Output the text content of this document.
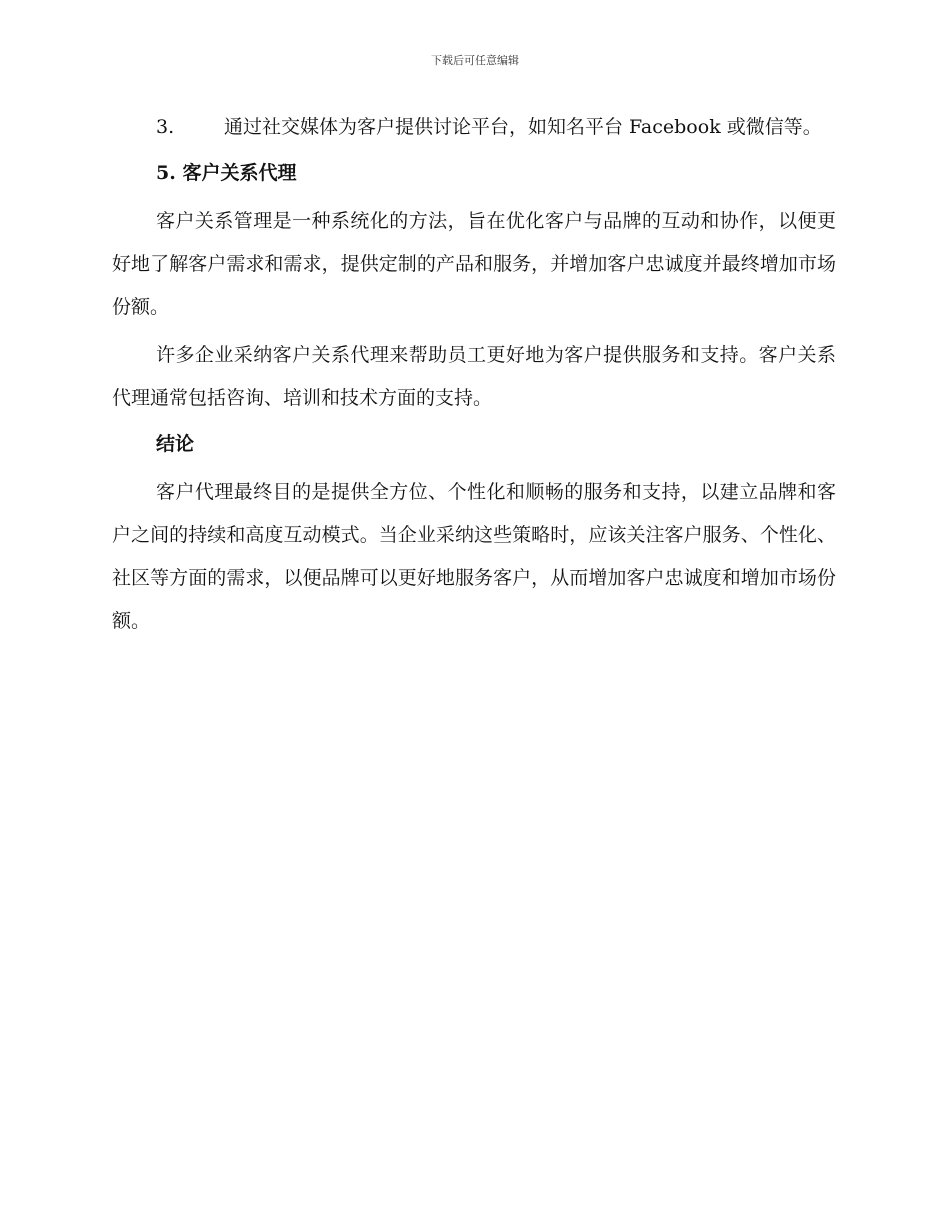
下载后可任意编辑

3.	通过社交媒体为客户提供讨论平台，如知名平台 Facebook 或微信等。

5. 客户关系代理

客户关系管理是一种系统化的方法，旨在优化客户与品牌的互动和协作，以便更好地了解客户需求和需求，提供定制的产品和服务，并增加客户忠诚度并最终增加市场份额。

许多企业采纳客户关系代理来帮助员工更好地为客户提供服务和支持。客户关系代理通常包括咨询、培训和技术方面的支持。

结论

客户代理最终目的是提供全方位、个性化和顺畅的服务和支持，以建立品牌和客户之间的持续和高度互动模式。当企业采纳这些策略时，应该关注客户服务、个性化、社区等方面的需求，以便品牌可以更好地服务客户，从而增加客户忠诚度和增加市场份额。
